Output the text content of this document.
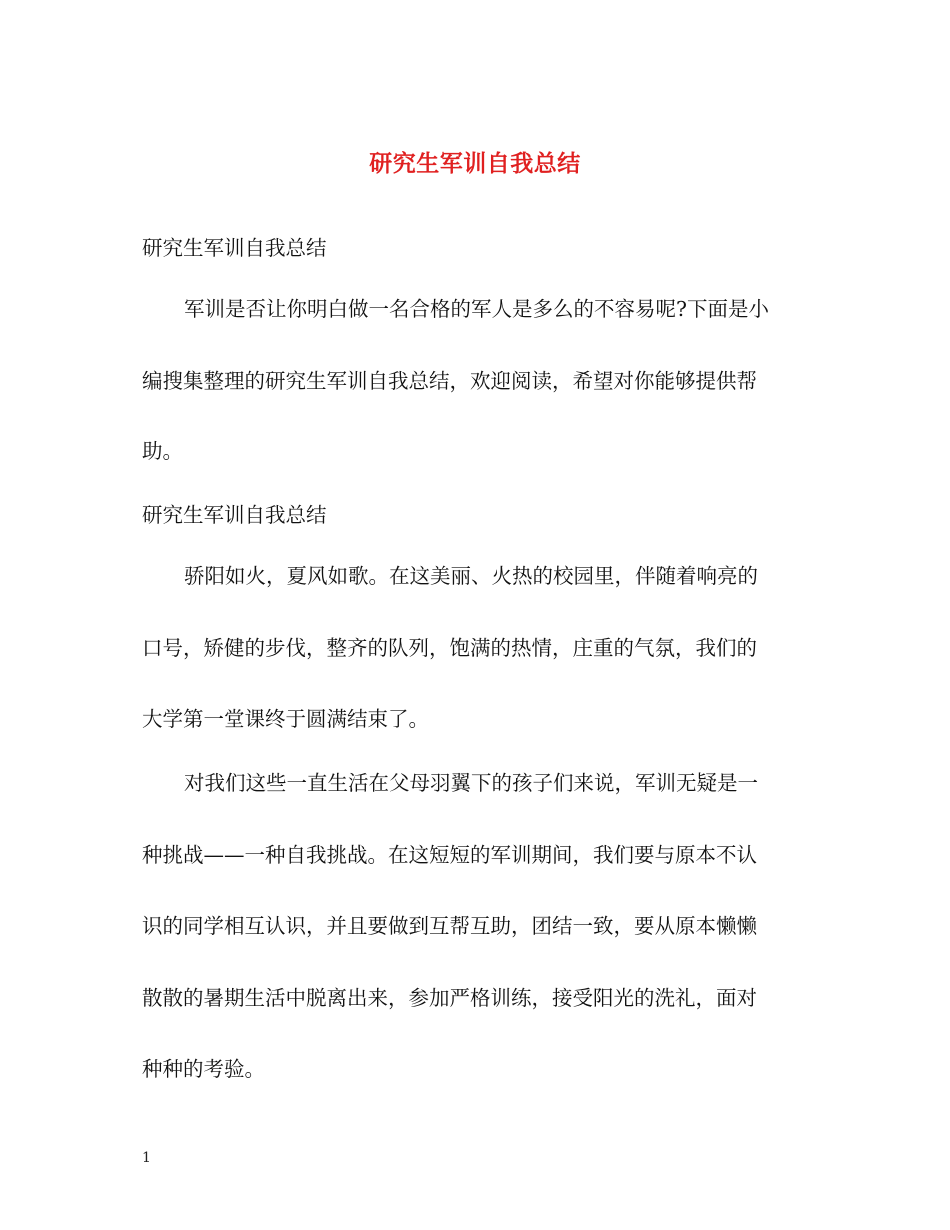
研究生军训自我总结
研究生军训自我总结
军训是否让你明白做一名合格的军人是多么的不容易呢?下面是小
编搜集整理的研究生军训自我总结，欢迎阅读，希望对你能够提供帮
助。
研究生军训自我总结
骄阳如火，夏风如歌。在这美丽、火热的校园里，伴随着响亮的
口号，矫健的步伐，整齐的队列，饱满的热情，庄重的气氛，我们的
大学第一堂课终于圆满结束了。
对我们这些一直生活在父母羽翼下的孩子们来说，军训无疑是一
种挑战——一种自我挑战。在这短短的军训期间，我们要与原本不认
识的同学相互认识，并且要做到互帮互助，团结一致，要从原本懒懒
散散的暑期生活中脱离出来，参加严格训练，接受阳光的洗礼，面对
种种的考验。
1
